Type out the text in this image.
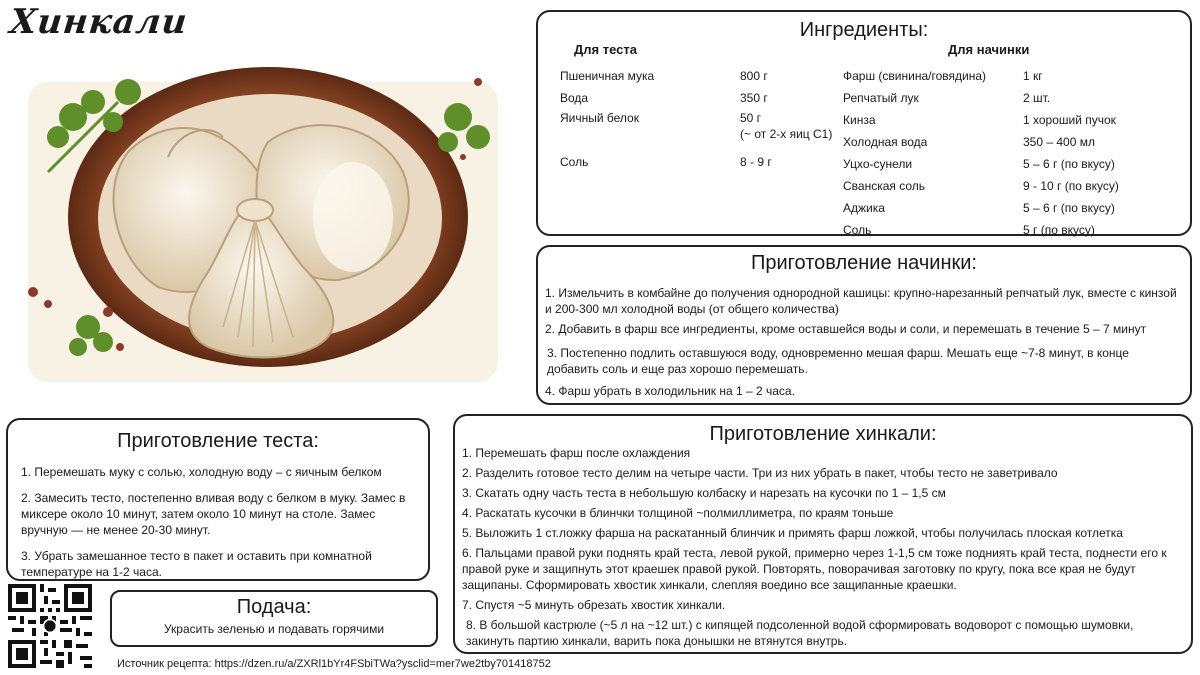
Хинкали	Ингредиенты:
Для теста	Для начинки
Пшеничная мука	800 г
Вода	350 г
Яичный белок	50 г
(~ от 2-х яиц С1)
Соль	8 - 9 г
Фарш (свинина/говядина)	1 кг
Репчатый лук	2 шт.
Кинза	1 хороший пучок
Холодная вода	350 – 400 мл
Уцхо-сунели	5 – 6 г (по вкусу)
Сванская соль	9 - 10 г (по вкусу)
Аджика	5 – 6 г (по вкусу)
Соль	5 г (по вкусу)
Приготовление начинки:

1. Измельчить в комбайне до получения однородной кашицы: крупно-нарезанный репчатый лук, вместе с кинзой и 200-300 мл холодной воды (от общего количества)

2. Добавить в фарш все ингредиенты, кроме оставшейся воды и соли, и перемешать в течение 5 – 7 минут

3. Постепенно подлить оставшуюся воду, одновременно мешая фарш. Мешать еще ~7-8 минут, в конце добавить соль и еще раз хорошо перемешать.

4. Фарш убрать в холодильник на 1 – 2 часа.

Приготовление теста:

1. Перемешать муку с солью, холодную воду – с яичным белком

2. Замесить тесто, постепенно вливая воду с белком в муку. Замес в миксере около 10 минут, затем около 10 минут на столе. Замес вручную — не менее 20-30 минут.

3. Убрать замешанное тесто в пакет и оставить при комнатной температуре на 1-2 часа.

Приготовление хинкали:

1. Перемешать фарш после охлаждения

2. Разделить готовое тесто делим на четыре части. Три из них убрать в пакет, чтобы тесто не заветривало

3. Скатать одну часть теста в небольшую колбаску и нарезать на кусочки по 1 – 1,5 см

4. Раскатать кусочки в блинчки толщиной ~полмиллиметра, по краям тоньше

5. Выложить 1 ст.ложку фарша на раскатанный блинчик и примять фарш ложкой, чтобы получилась плоская котлетка

6. Пальцами правой руки поднять край теста, левой рукой, примерно через 1-1,5 см тоже подниять край теста, поднести его к правой руке и защипнуть этот краешек правой рукой. Повторять, поворачивая заготовку по кругу, пока все края не будут защипаны. Сформировать хвостик хинкали, слепляя воедино все защипанные краешки.

7. Спустя ~5 минуть обрезать хвостик хинкали.

8. В большой кастрюле (~5 л на ~12 шт.) с кипящей подсоленной водой сформировать водоворот с помощью шумовки, закинуть партию хинкали, варить пока донышки не втянутся внутрь.

Подача:
Украсить зеленью и подавать горячими
Источник рецепта: https://dzen.ru/a/ZXRl1bYr4FSbiTWa?ysclid=mer7we2tby701418752
